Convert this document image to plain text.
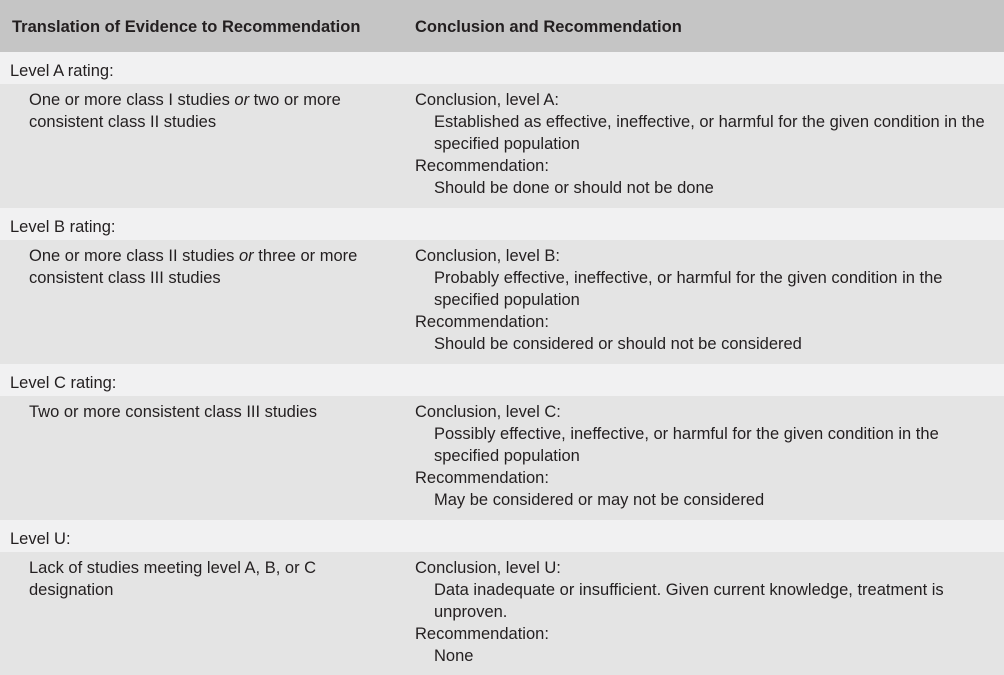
Translation of Evidence to Recommendation	Conclusion and Recommendation
Level A rating:
One or more class I studies or two or more consistent class II studies
Conclusion, level A:
Established as effective, ineffective, or harmful for the given condition in the specified population
Recommendation:
Should be done or should not be done
Level B rating:
One or more class II studies or three or more consistent class III studies
Conclusion, level B:
Probably effective, ineffective, or harmful for the given condition in the specified population
Recommendation:
Should be considered or should not be considered
Level C rating:
Two or more consistent class III studies	Conclusion, level C:
Possibly effective, ineffective, or harmful for the given condition in the specified population
Recommendation:
May be considered or may not be considered
Level U:
Lack of studies meeting level A, B, or C designation
Conclusion, level U:
Data inadequate or insufficient. Given current knowledge, treatment is unproven.
Recommendation:
None
